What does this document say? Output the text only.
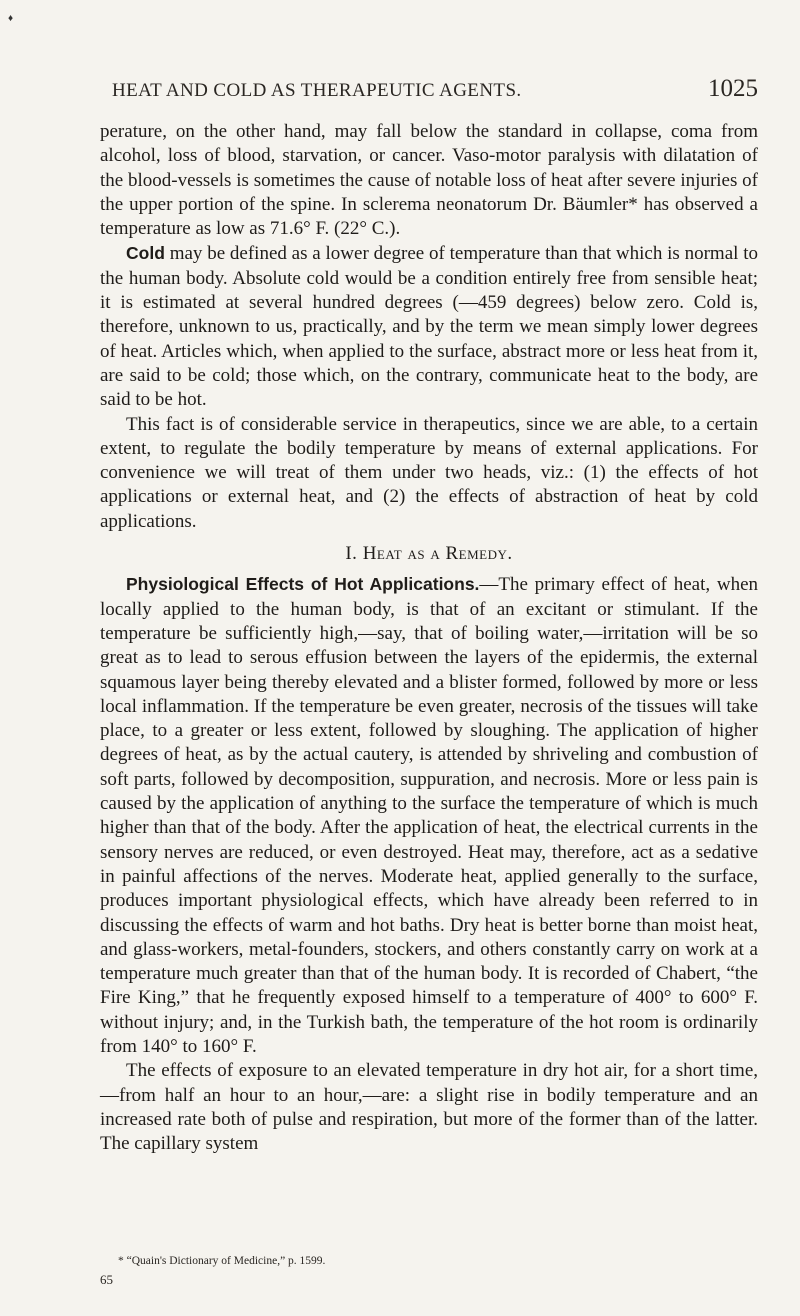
♦
HEAT AND COLD AS THERAPEUTIC AGENTS.	1025

perature, on the other hand, may fall below the standard in collapse, coma from alcohol, loss of blood, starvation, or cancer. Vaso-motor paralysis with dilatation of the blood-vessels is sometimes the cause of notable loss of heat after severe injuries of the upper portion of the spine. In sclerema neonatorum Dr. Bäumler* has observed a temperature as low as 71.6° F. (22° C.).

Cold may be defined as a lower degree of temperature than that which is normal to the human body. Absolute cold would be a condition entirely free from sensible heat; it is estimated at several hundred degrees (—459 degrees) below zero. Cold is, therefore, unknown to us, practically, and by the term we mean simply lower degrees of heat. Articles which, when applied to the surface, abstract more or less heat from it, are said to be cold; those which, on the contrary, communicate heat to the body, are said to be hot.

This fact is of considerable service in therapeutics, since we are able, to a certain extent, to regulate the bodily temperature by means of external applications. For convenience we will treat of them under two heads, viz.: (1) the effects of hot applications or external heat, and (2) the effects of abstraction of heat by cold applications.

I. Heat as a Remedy.

Physiological Effects of Hot Applications.—The primary effect of heat, when locally applied to the human body, is that of an excitant or stimulant. If the temperature be sufficiently high,—say, that of boiling water,—irritation will be so great as to lead to serous effusion between the layers of the epidermis, the external squamous layer being thereby elevated and a blister formed, followed by more or less local inflammation. If the temperature be even greater, necrosis of the tissues will take place, to a greater or less extent, followed by sloughing. The application of higher degrees of heat, as by the actual cautery, is attended by shriveling and combustion of soft parts, followed by decomposition, suppuration, and necrosis. More or less pain is caused by the application of anything to the surface the temperature of which is much higher than that of the body. After the application of heat, the electrical currents in the sensory nerves are reduced, or even destroyed. Heat may, therefore, act as a sedative in painful affections of the nerves. Moderate heat, applied generally to the surface, produces important physiological effects, which have already been referred to in discussing the effects of warm and hot baths. Dry heat is better borne than moist heat, and glass-workers, metal-founders, stockers, and others constantly carry on work at a temperature much greater than that of the human body. It is recorded of Chabert, “the Fire King,” that he frequently exposed himself to a temperature of 400° to 600° F. without injury; and, in the Turkish bath, the temperature of the hot room is ordinarily from 140° to 160° F.

The effects of exposure to an elevated temperature in dry hot air, for a short time,—from half an hour to an hour,—are: a slight rise in bodily temperature and an increased rate both of pulse and respiration, but more of the former than of the latter. The capillary system

* “Quain's Dictionary of Medicine,” p. 1599.
65
